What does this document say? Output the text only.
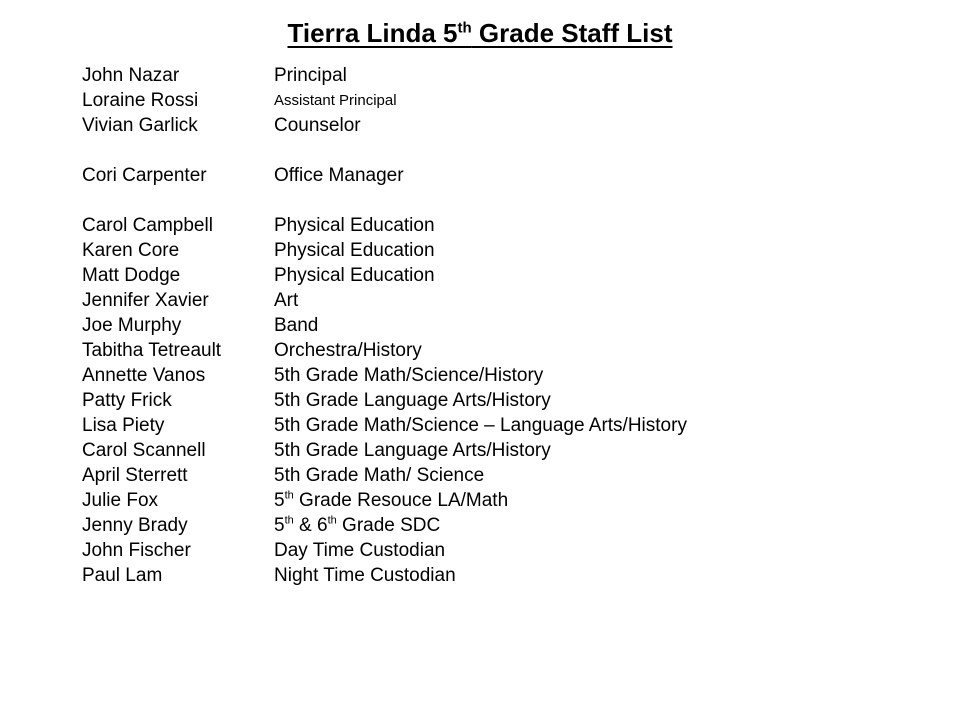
Tierra Linda 5th Grade Staff List
John Nazar	Principal
Loraine Rossi	Assistant Principal
Vivian Garlick	Counselor
Cori Carpenter	Office Manager
Carol Campbell	Physical Education
Karen Core	Physical Education
Matt Dodge	Physical Education
Jennifer Xavier	Art
Joe Murphy	Band
Tabitha Tetreault	Orchestra/History
Annette Vanos	5th Grade Math/Science/History
Patty Frick	5th Grade Language Arts/History
Lisa Piety	5th Grade Math/Science – Language Arts/History
Carol Scannell	5th Grade Language Arts/History
April Sterrett	5th Grade Math/ Science
Julie Fox	5th Grade Resouce LA/Math
Jenny Brady	5th & 6th Grade SDC
John Fischer	Day Time Custodian
Paul Lam	Night Time Custodian
